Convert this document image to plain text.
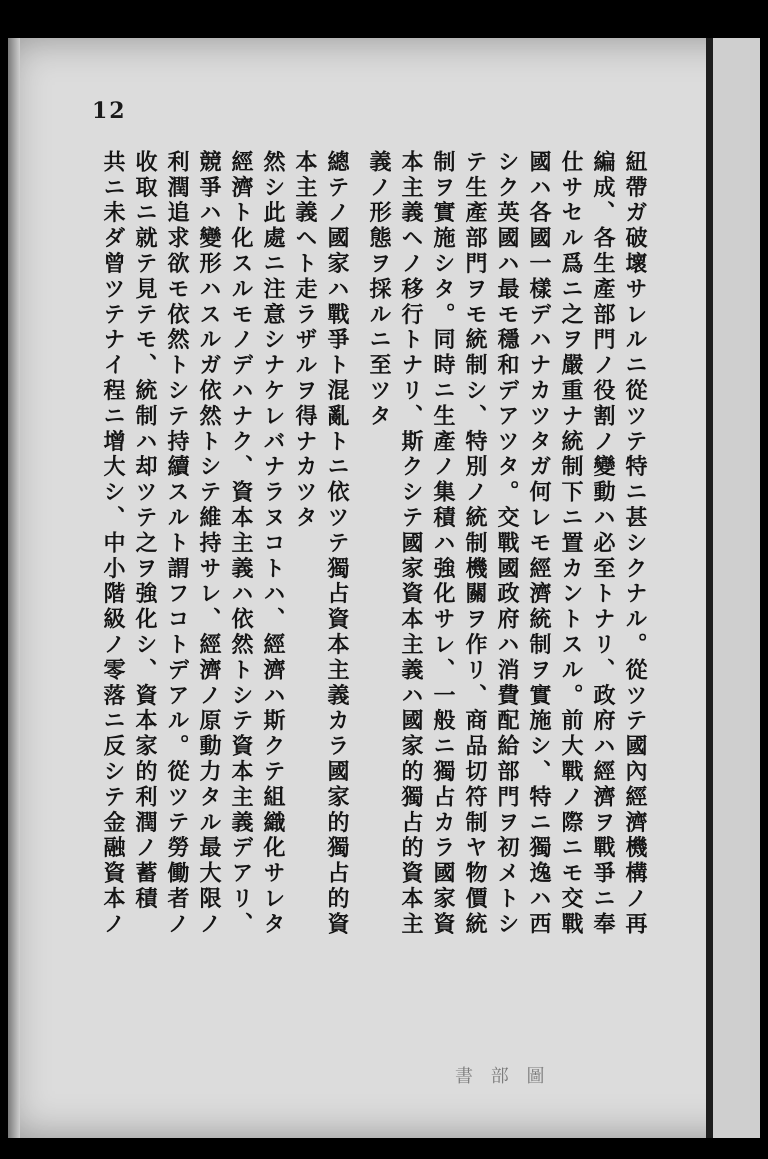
12
紐帶ガ破壞サレルニ從ツテ特ニ甚シクナル。從ツテ國內經濟機構ノ再
編成、各生產部門ノ役割ノ變動ハ必至トナリ、政府ハ經濟ヲ戰爭ニ奉
仕サセル爲ニ之ヲ嚴重ナ統制下ニ置カントスル。前大戰ノ際ニモ交戰
國ハ各國一樣デハナカツタガ何レモ經濟統制ヲ實施シ、特ニ獨逸ハ西
シク英國ハ最モ穩和デアツタ。交戰國政府ハ消費配給部門ヲ初メトシ
テ生產部門ヲモ統制シ、特別ノ統制機關ヲ作リ、商品切符制ヤ物價統
制ヲ實施シタ。同時ニ生產ノ集積ハ強化サレ、一般ニ獨占カラ國家資
本主義ヘノ移行トナリ、斯クシテ國家資本主義ハ國家的獨占的資本主
義ノ形態ヲ採ルニ至ツタ
總テノ國家ハ戰爭ト混亂トニ依ツテ獨占資本主義カラ國家的獨占的資
本主義ヘト走ラザルヲ得ナカツタ
然シ此處ニ注意シナケレバナラヌコトハ、經濟ハ斯クテ組織化サレタ
經濟ト化スルモノデハナク、資本主義ハ依然トシテ資本主義デアリ、
競爭ハ變形ハスルガ依然トシテ維持サレ、經濟ノ原動力タル最大限ノ
利潤追求欲モ依然トシテ持續スルト謂フコトデアル。從ツテ勞働者ノ
收取ニ就テ見テモ、統制ハ却ツテ之ヲ強化シ、資本家的利潤ノ蓄積
共ニ未ダ曾ツテナイ程ニ增大シ、中小階級ノ零落ニ反シテ金融資本ノ
書 部 圖
